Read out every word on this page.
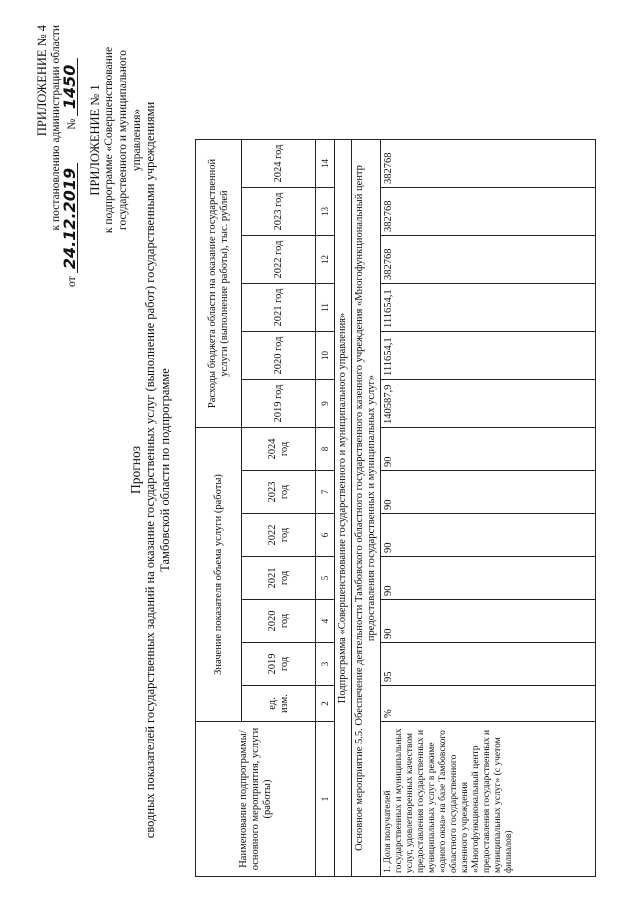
ПРИЛОЖЕНИЕ № 4 к постановлению администрации области
от 24.12.2019  № 1450 ПРИЛОЖЕНИЕ № 1 к подпрограмме «Совершенствование государственного и муниципального управления»
Прогноз сводных показателей государственных заданий на оказание государственных услуг (выполнение работ) государственными учреждениями Тамбовской области по подпрограмме
Наименование подпрограммы/основного мероприятия, услуги (работы)	Значение показателя объема услуги (работы)							Расходы бюджета области на оказание государственной услуги (выполнение работы), тыс. рублей					
	ед. изм.	2019 год	2020 год	2021 год	2022 год	2023 год	2024 год	2019 год	2020 год	2021 год	2022 год	2023 год	2024 год
1	2	3	4	5	6	7	8	9	10	11	12	13	14
Подпрограмма «Совершенствование государственного и муниципального управления»													
Основное мероприятие 5.5. Обеспечение деятельности Тамбовского областного государственного казенного учреждения «Многофункциональный центр предоставления государственных и муниципальных услуг»													
1. Доля получателей государственных и муниципальных услуг, удовлетворенных качеством предоставления государственных и муниципальных услуг в режиме «одного окна» на базе Тамбовского областного государственного казенного учреждения «Многофункциональный центр предоставления государственных и муниципальных услуг» (с учетом филиалов)	%	95	90	90	90	90	90	140587,9	111654,1	111654,1	382768	382768	382768
